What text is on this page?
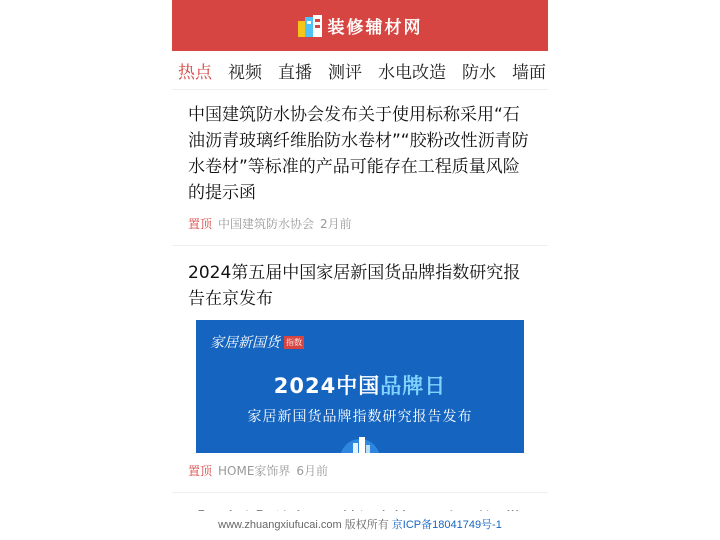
装修辅材网
热点 视频 直播 测评 水电改造 防水 墙面
中国建筑防水协会发布关于使用标称采用“石油沥青玻璃纤维胎防水卷材”“胶粉改性沥青防水卷材”等标准的产品可能存在工程质量风险的提示函
置顶 中国建筑防水协会 2月前
2024第五届中国家居新国货品牌指数研究报告在京发布
家居新国货 指数
2024中国品牌日
家居新国货品牌指数研究报告发布
置顶 HOME家饰界 6月前
www.zhuangxiufucai.com 版权所有 京ICP备18041749号-1
